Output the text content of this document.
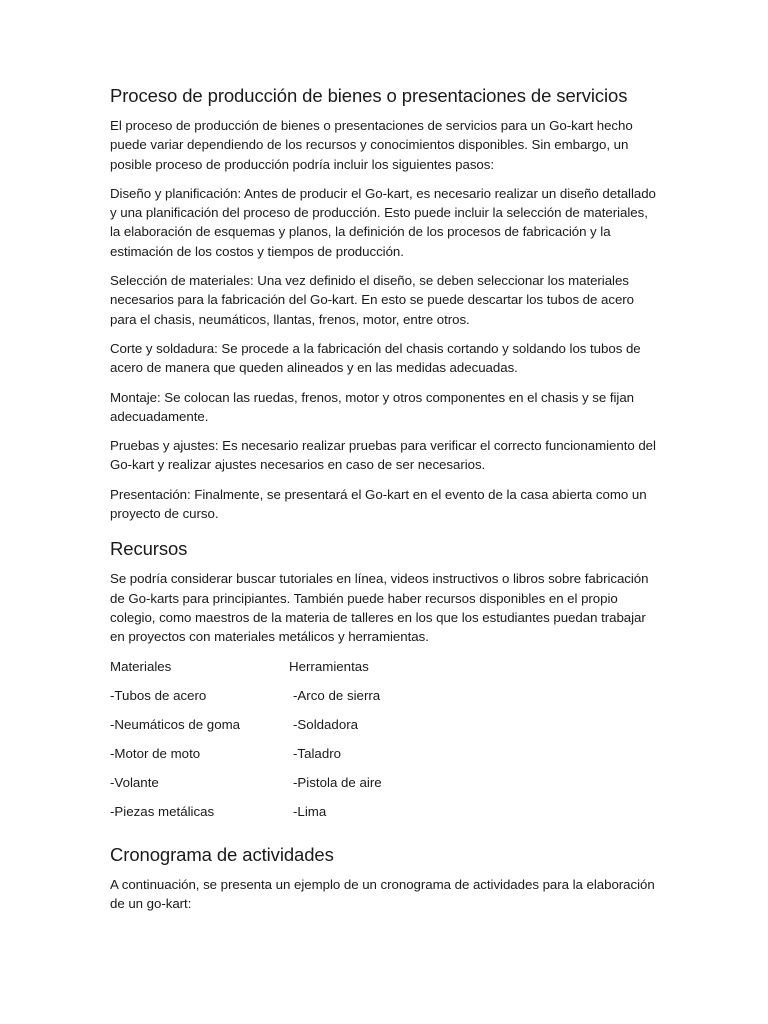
Proceso de producción de bienes o presentaciones de servicios

El proceso de producción de bienes o presentaciones de servicios para un Go-kart hecho puede variar dependiendo de los recursos y conocimientos disponibles. Sin embargo, un posible proceso de producción podría incluir los siguientes pasos:

Diseño y planificación: Antes de producir el Go-kart, es necesario realizar un diseño detallado y una planificación del proceso de producción. Esto puede incluir la selección de materiales, la elaboración de esquemas y planos, la definición de los procesos de fabricación y la estimación de los costos y tiempos de producción.

Selección de materiales: Una vez definido el diseño, se deben seleccionar los materiales necesarios para la fabricación del Go-kart. En esto se puede descartar los tubos de acero para el chasis, neumáticos, llantas, frenos, motor, entre otros.

Corte y soldadura: Se procede a la fabricación del chasis cortando y soldando los tubos de acero de manera que queden alineados y en las medidas adecuadas.

Montaje: Se colocan las ruedas, frenos, motor y otros componentes en el chasis y se fijan adecuadamente.

Pruebas y ajustes: Es necesario realizar pruebas para verificar el correcto funcionamiento del Go-kart y realizar ajustes necesarios en caso de ser necesarios.

Presentación: Finalmente, se presentará el Go-kart en el evento de la casa abierta como un proyecto de curso.

Recursos

Se podría considerar buscar tutoriales en línea, videos instructivos o libros sobre fabricación de Go-karts para principiantes. También puede haber recursos disponibles en el propio colegio, como maestros de la materia de talleres en los que los estudiantes puedan trabajar en proyectos con materiales metálicos y herramientas.

Materiales	Herramientas
-Tubos de acero	-Arco de sierra
-Neumáticos de goma	-Soldadora
-Motor de moto	-Taladro
-Volante	-Pistola de aire
-Piezas metálicas	-Lima
Cronograma de actividades

A continuación, se presenta un ejemplo de un cronograma de actividades para la elaboración de un go-kart:
